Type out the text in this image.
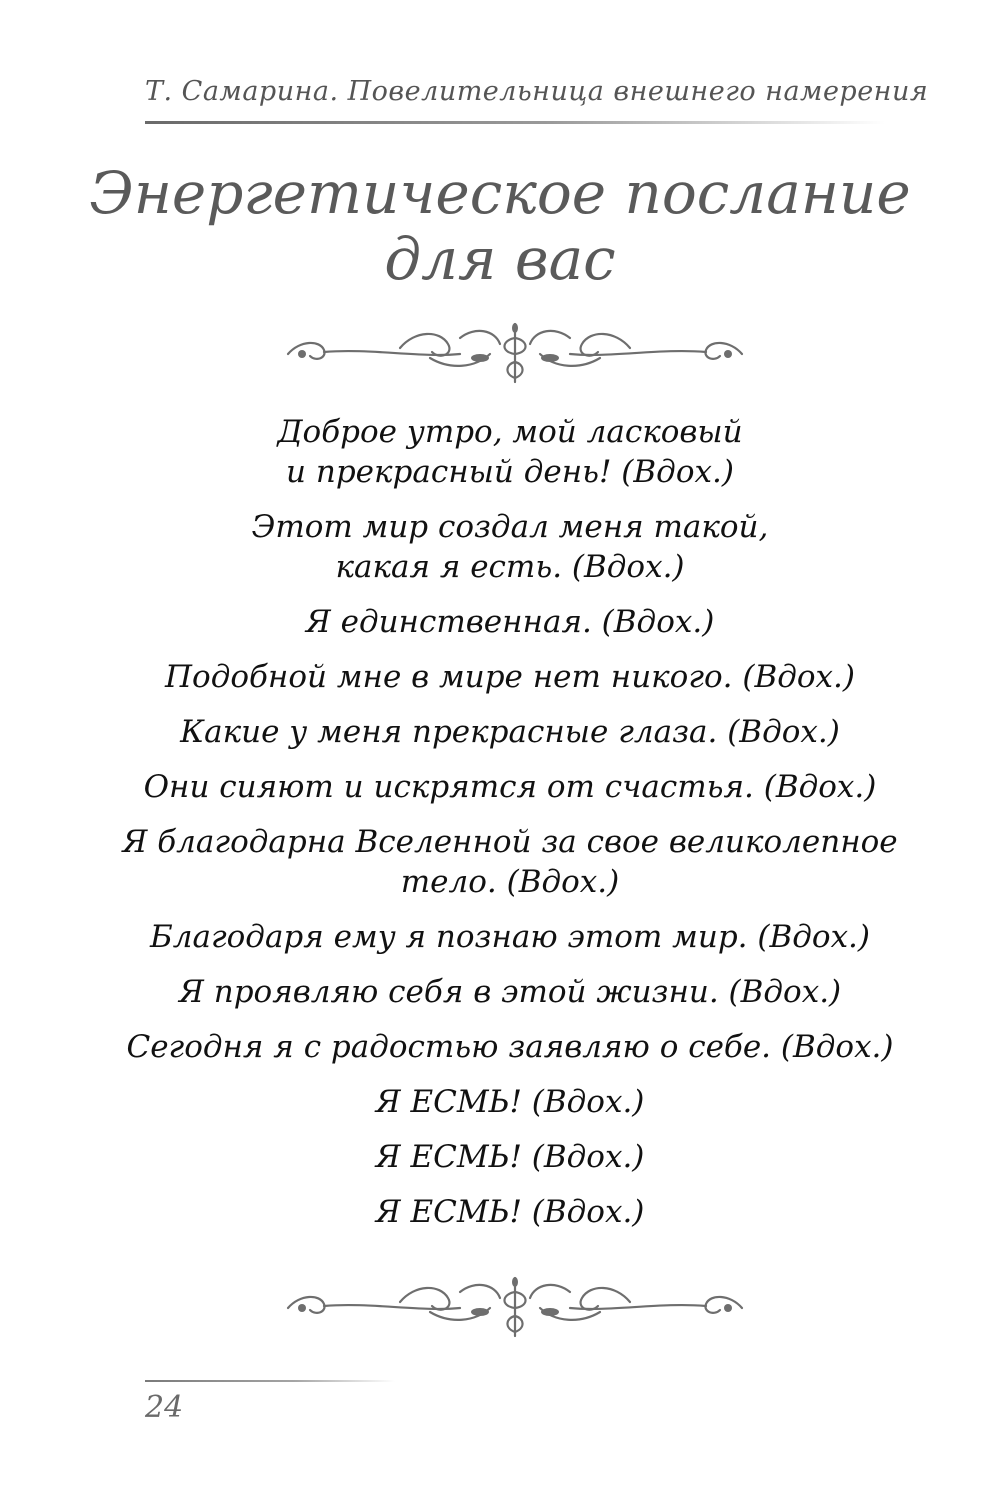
Т. Самарина. Повелительница внешнего намерения
Энергетическое послание
для вас

Доброе утро, мой ласковый
и прекрасный день! (Вдох.)

Этот мир создал меня такой,
какая я есть. (Вдох.)

Я единственная. (Вдох.)

Подобной мне в мире нет никого. (Вдох.)

Какие у меня прекрасные глаза. (Вдох.)

Они сияют и искрятся от счастья. (Вдох.)

Я благодарна Вселенной за свое великолепное
тело. (Вдох.)

Благодаря ему я познаю этот мир. (Вдох.)

Я проявляю себя в этой жизни. (Вдох.)

Сегодня я с радостью заявляю о себе. (Вдох.)

Я ЕСМЬ! (Вдох.)

Я ЕСМЬ! (Вдох.)

Я ЕСМЬ! (Вдох.)

24
